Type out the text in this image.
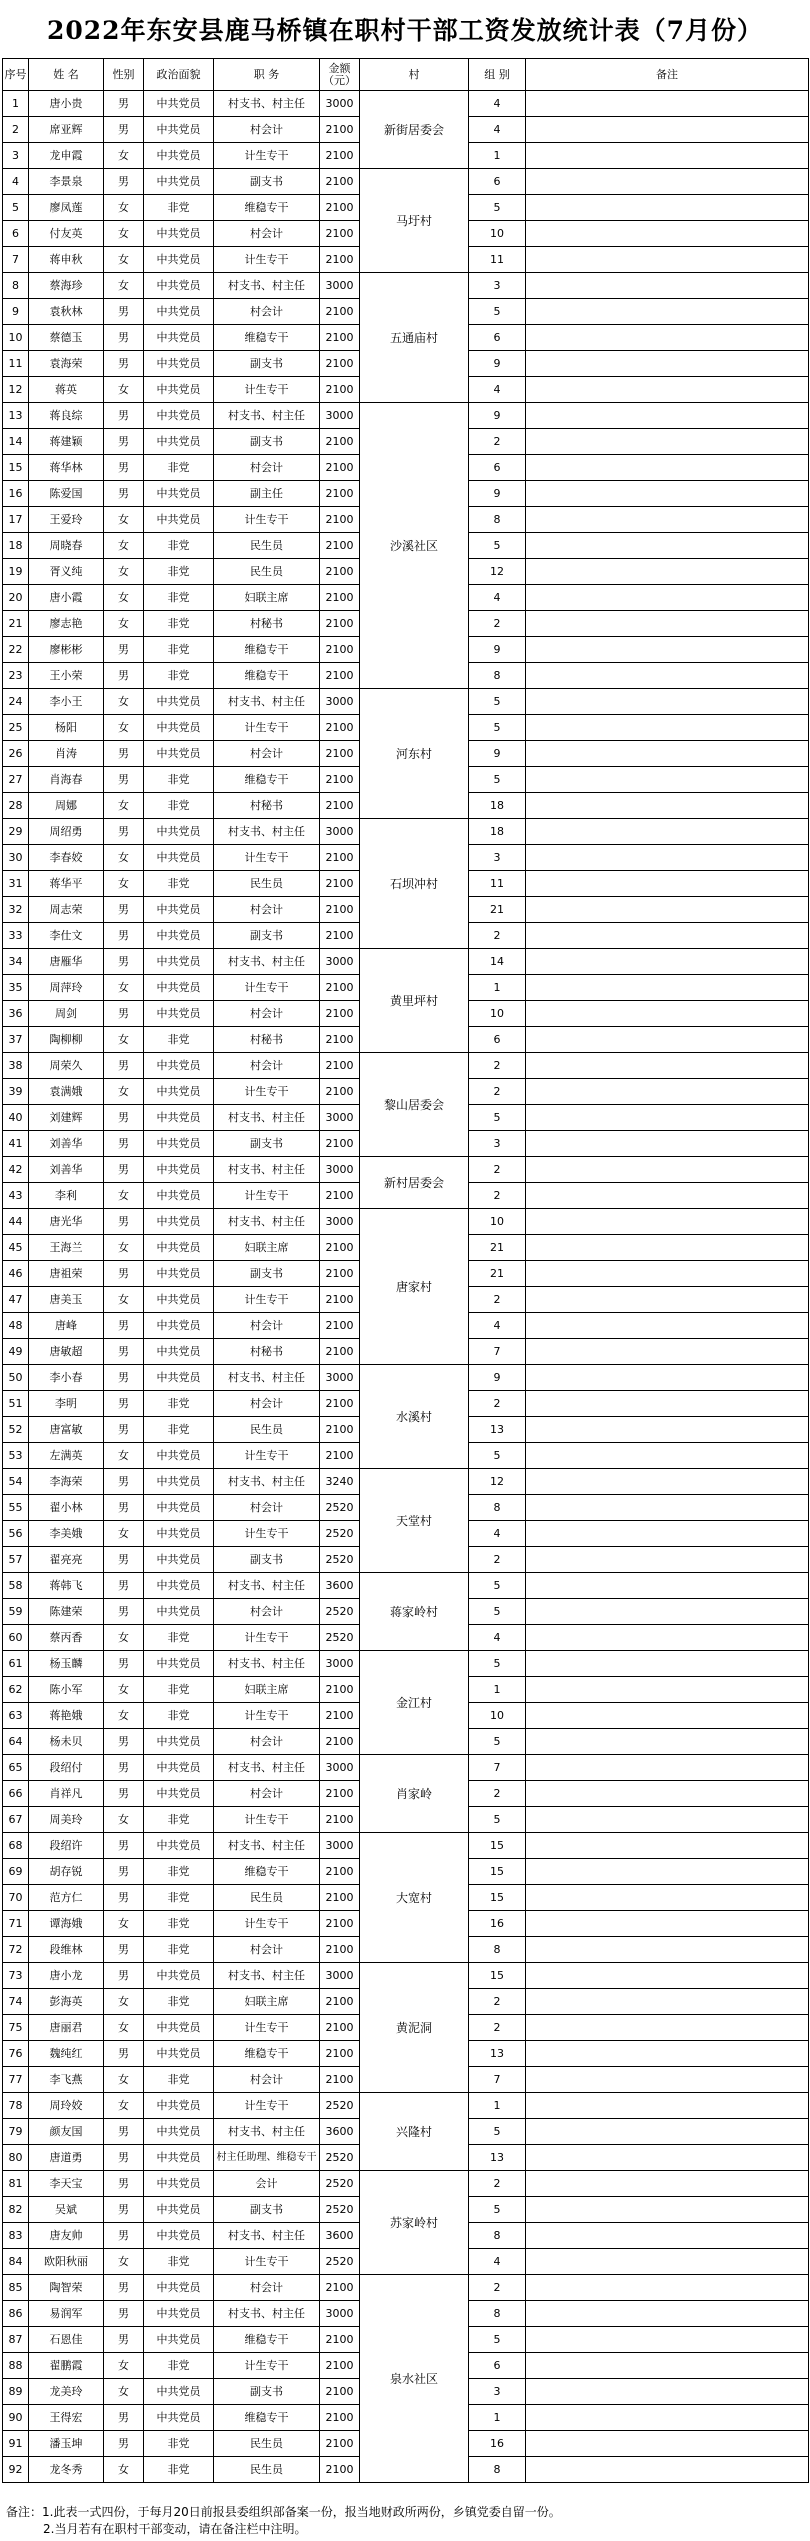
2022年东安县鹿马桥镇在职村干部工资发放统计表（7月份）
序号	姓 名	性别	政治面貌	职 务	金额（元）	村	组 别	备注
1	唐小贵	男	中共党员	村支书、村主任	3000	新街居委会	4	
2	席亚辉	男	中共党员	村会计	2100		4	
3	龙申霞	女	中共党员	计生专干	2100		1	
4	李景泉	男	中共党员	副支书	2100	马圩村	6	
5	廖凤莲	女	非党	维稳专干	2100		5	
6	付友英	女	中共党员	村会计	2100		10	
7	蒋申秋	女	中共党员	计生专干	2100		11	
8	蔡海珍	女	中共党员	村支书、村主任	3000	五通庙村	3	
9	袁秋林	男	中共党员	村会计	2100		5	
10	蔡德玉	男	中共党员	维稳专干	2100		6	
11	袁海荣	男	中共党员	副支书	2100		9	
12	蒋英	女	中共党员	计生专干	2100		4	
13	蒋良综	男	中共党员	村支书、村主任	3000	沙溪社区	9	
14	蒋建颖	男	中共党员	副支书	2100		2	
15	蒋华林	男	非党	村会计	2100		6	
16	陈爱国	男	中共党员	副主任	2100		9	
17	王爱玲	女	中共党员	计生专干	2100		8	
18	周晓春	女	非党	民生员	2100		5	
19	胥义纯	女	非党	民生员	2100		12	
20	唐小霞	女	非党	妇联主席	2100		4	
21	廖志艳	女	非党	村秘书	2100		2	
22	廖彬彬	男	非党	维稳专干	2100		9	
23	王小荣	男	非党	维稳专干	2100		8	
24	李小王	女	中共党员	村支书、村主任	3000	河东村	5	
25	杨阳	女	中共党员	计生专干	2100		5	
26	肖涛	男	中共党员	村会计	2100		9	
27	肖海春	男	非党	维稳专干	2100		5	
28	周娜	女	非党	村秘书	2100		18	
29	周绍勇	男	中共党员	村支书、村主任	3000	石坝冲村	18	
30	李春姣	女	中共党员	计生专干	2100		3	
31	蒋华平	女	非党	民生员	2100		11	
32	周志荣	男	中共党员	村会计	2100		21	
33	李仕文	男	中共党员	副支书	2100		2	
34	唐雁华	男	中共党员	村支书、村主任	3000	黄里坪村	14	
35	周萍玲	女	中共党员	计生专干	2100		1	
36	周剑	男	中共党员	村会计	2100		10	
37	陶柳柳	女	非党	村秘书	2100		6	
38	周荣久	男	中共党员	村会计	2100	黎山居委会	2	
39	袁满娥	女	中共党员	计生专干	2100		2	
40	刘建辉	男	中共党员	村支书、村主任	3000		5	
41	刘善华	男	中共党员	副支书	2100		3	
42	刘善华	男	中共党员	村支书、村主任	3000	新村居委会	2	
43	李利	女	中共党员	计生专干	2100		2	
44	唐光华	男	中共党员	村支书、村主任	3000	唐家村	10	
45	王海兰	女	中共党员	妇联主席	2100		21	
46	唐祖荣	男	中共党员	副支书	2100		21	
47	唐美玉	女	中共党员	计生专干	2100		2	
48	唐峰	男	中共党员	村会计	2100		4	
49	唐敏超	男	中共党员	村秘书	2100		7	
50	李小春	男	中共党员	村支书、村主任	3000	水溪村	9	
51	李明	男	非党	村会计	2100		2	
52	唐富敏	男	非党	民生员	2100		13	
53	左满英	女	中共党员	计生专干	2100		5	
54	李海荣	男	中共党员	村支书、村主任	3240	天堂村	12	
55	翟小林	男	中共党员	村会计	2520		8	
56	李美娥	女	中共党员	计生专干	2520		4	
57	翟亮亮	男	中共党员	副支书	2520		2	
58	蒋韩飞	男	中共党员	村支书、村主任	3600	蒋家岭村	5	
59	陈建荣	男	中共党员	村会计	2520		5	
60	蔡丙香	女	非党	计生专干	2520		4	
61	杨玉麟	男	中共党员	村支书、村主任	3000	金江村	5	
62	陈小军	女	非党	妇联主席	2100		1	
63	蒋艳娥	女	非党	计生专干	2100		10	
64	杨未贝	男	中共党员	村会计	2100		5	
65	段绍付	男	中共党员	村支书、村主任	3000	肖家岭	7	
66	肖祥凡	男	中共党员	村会计	2100		2	
67	周美玲	女	非党	计生专干	2100		5	
68	段绍许	男	中共党员	村支书、村主任	3000	大宽村	15	
69	胡存锐	男	非党	维稳专干	2100		15	
70	范方仁	男	非党	民生员	2100		15	
71	谭海娥	女	非党	计生专干	2100		16	
72	段维林	男	非党	村会计	2100		8	
73	唐小龙	男	中共党员	村支书、村主任	3000	黄泥洞	15	
74	彭海英	女	非党	妇联主席	2100		2	
75	唐丽君	女	中共党员	计生专干	2100		2	
76	魏纯红	男	中共党员	维稳专干	2100		13	
77	李飞燕	女	非党	村会计	2100		7	
78	周玲姣	女	中共党员	计生专干	2520	兴隆村	1	
79	颜友国	男	中共党员	村支书、村主任	3600		5	
80	唐道勇	男	中共党员	村主任助理、维稳专干	2520		13	
81	李天宝	男	中共党员	会计	2520	苏家岭村	2	
82	吴斌	男	中共党员	副支书	2520		5	
83	唐友帅	男	中共党员	村支书、村主任	3600		8	
84	欧阳秋丽	女	非党	计生专干	2520		4	
85	陶智荣	男	中共党员	村会计	2100	泉水社区	2	
86	易润军	男	中共党员	村支书、村主任	3000		8	
87	石恩佳	男	中共党员	维稳专干	2100		5	
88	翟鹏霞	女	非党	计生专干	2100		6	
89	龙美玲	女	中共党员	副支书	2100		3	
90	王得宏	男	中共党员	维稳专干	2100		1	
91	潘玉坤	男	非党	民生员	2100		16	
92	龙冬秀	女	非党	民生员	2100		8	
备注：1.此表一式四份，于每月20日前报县委组织部备案一份，报当地财政所两份，乡镇党委自留一份。
2.当月若有在职村干部变动，请在备注栏中注明。
